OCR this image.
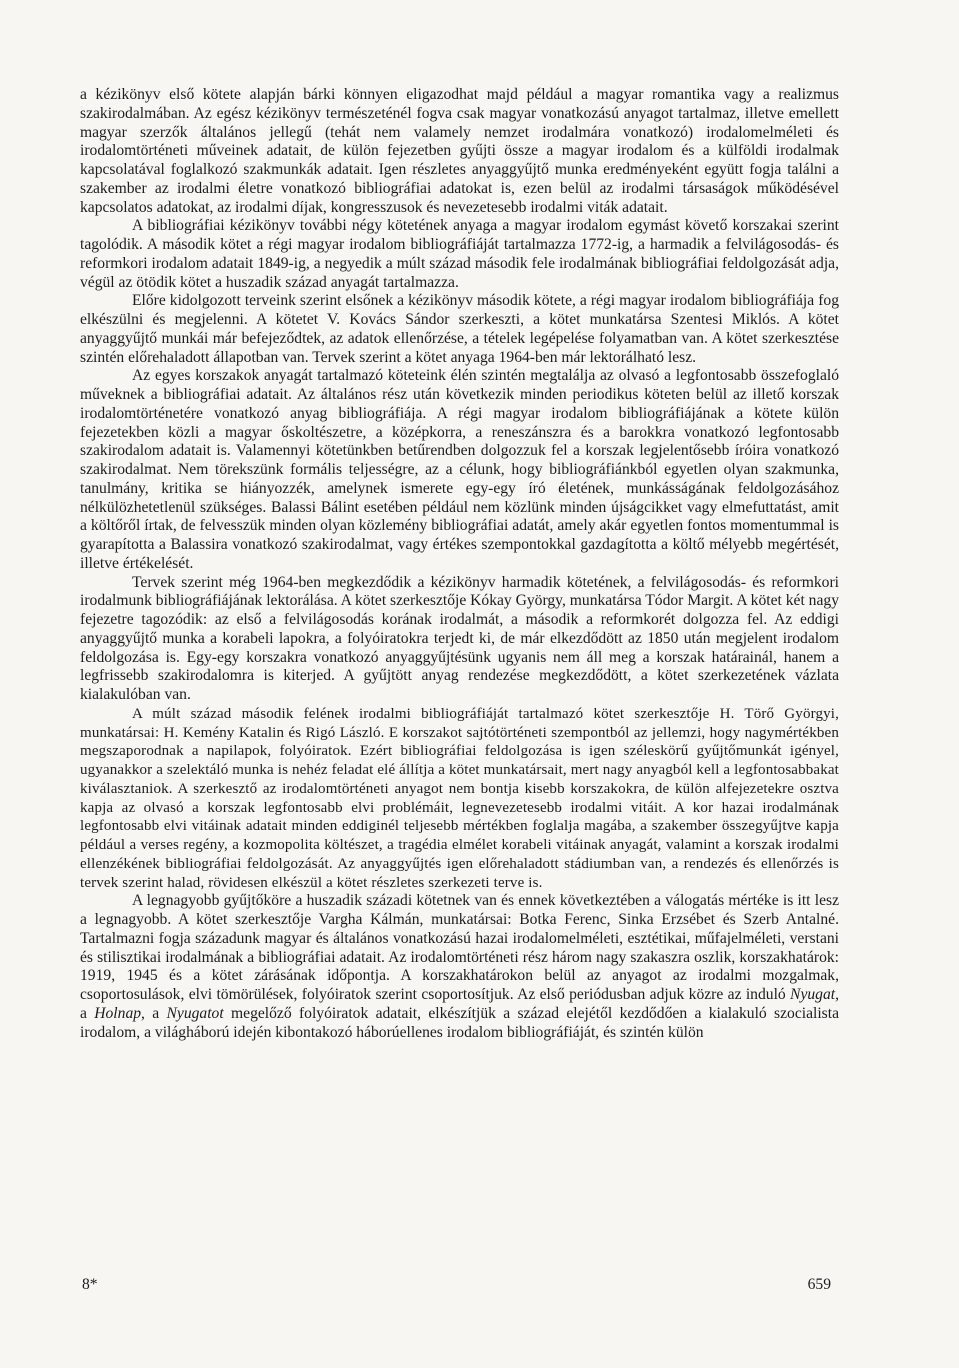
a kézikönyv első kötete alapján bárki könnyen eligazodhat majd például a magyar romantika vagy a realizmus szakirodalmában. Az egész kézikönyv természeténél fogva csak magyar vonatkozású anyagot tartalmaz, illetve emellett magyar szerzők általános jellegű (tehát nem valamely nemzet irodalmára vonatkozó) irodalomelméleti és irodalomtörténeti műveinek adatait, de külön fejezetben gyűjti össze a magyar irodalom és a külföldi irodalmak kapcsolatával foglalkozó szakmunkák adatait. Igen részletes anyaggyűjtő munka eredményeként együtt fogja találni a szakember az irodalmi életre vonatkozó bibliográfiai adatokat is, ezen belül az irodalmi társaságok működésével kapcsolatos adatokat, az irodalmi díjak, kongresszusok és nevezetesebb irodalmi viták adatait.

A bibliográfiai kézikönyv további négy kötetének anyaga a magyar irodalom egymást követő korszakai szerint tagolódik. A második kötet a régi magyar irodalom bibliográfiáját tartalmazza 1772-ig, a harmadik a felvilágosodás- és reformkori irodalom adatait 1849-ig, a negyedik a múlt század második fele irodalmának bibliográfiai feldolgozását adja, végül az ötödik kötet a huszadik század anyagát tartalmazza.

Előre kidolgozott terveink szerint elsőnek a kézikönyv második kötete, a régi magyar irodalom bibliográfiája fog elkészülni és megjelenni. A kötetet V. Kovács Sándor szerkeszti, a kötet munkatársa Szentesi Miklós. A kötet anyaggyűjtő munkái már befejeződtek, az adatok ellenőrzése, a tételek legépelése folyamatban van. A kötet szerkesztése szintén előrehaladott állapotban van. Tervek szerint a kötet anyaga 1964-ben már lektorálható lesz.

Az egyes korszakok anyagát tartalmazó köteteink élén szintén megtalálja az olvasó a legfontosabb összefoglaló műveknek a bibliográfiai adatait. Az általános rész után következik minden periodikus köteten belül az illető korszak irodalomtörténetére vonatkozó anyag bibliográfiája. A régi magyar irodalom bibliográfiájának a kötete külön fejezetekben közli a magyar őskoltészetre, a középkorra, a reneszánszra és a barokkra vonatkozó legfontosabb szakirodalom adatait is. Valamennyi kötetünkben betűrendben dolgozzuk fel a korszak legjelentősebb íróira vonatkozó szakirodalmat. Nem törekszünk formális teljességre, az a célunk, hogy bibliográfiánkból egyetlen olyan szakmunka, tanulmány, kritika se hiányozzék, amelynek ismerete egy-egy író életének, munkásságának feldolgozásához nélkülözhetetlenül szükséges. Balassi Bálint esetében például nem közlünk minden újságcikket vagy elmefuttatást, amit a költőről írtak, de felvesszük minden olyan közlemény bibliográfiai adatát, amely akár egyetlen fontos momentummal is gyarapította a Balassira vonatkozó szakirodalmat, vagy értékes szempontokkal gazdagította a költő mélyebb megértését, illetve értékelését.

Tervek szerint még 1964-ben megkezdődik a kézikönyv harmadik kötetének, a felvilágosodás- és reformkori irodalmunk bibliográfiájának lektorálása. A kötet szerkesztője Kókay György, munkatársa Tódor Margit. A kötet két nagy fejezetre tagozódik: az első a felvilágosodás korának irodalmát, a második a reformkorét dolgozza fel. Az eddigi anyaggyűjtő munka a korabeli lapokra, a folyóiratokra terjedt ki, de már elkezdődött az 1850 után megjelent irodalom feldolgozása is. Egy-egy korszakra vonatkozó anyaggyűjtésünk ugyanis nem áll meg a korszak határainál, hanem a legfrissebb szakirodalomra is kiterjed. A gyűjtött anyag rendezése megkezdődött, a kötet szerkezetének vázlata kialakulóban van.

A múlt század második felének irodalmi bibliográfiáját tartalmazó kötet szerkesztője H. Törő Györgyi, munkatársai: H. Kemény Katalin és Rigó László. E korszakot sajtótörténeti szempontból az jellemzi, hogy nagymértékben megszaporodnak a napilapok, folyóiratok. Ezért bibliográfiai feldolgozása is igen széleskörű gyűjtőmunkát igényel, ugyanakkor a szelektáló munka is nehéz feladat elé állítja a kötet munkatársait, mert nagy anyagból kell a legfontosabbakat kiválasztaniok. A szerkesztő az irodalomtörténeti anyagot nem bontja kisebb korszakokra, de külön alfejezetekre osztva kapja az olvasó a korszak legfontosabb elvi problémáit, legnevezetesebb irodalmi vitáit. A kor hazai irodalmának legfontosabb elvi vitáinak adatait minden eddiginél teljesebb mértékben foglalja magába, a szakember összegyűjtve kapja például a verses regény, a kozmopolita költészet, a tragédia elmélet korabeli vitáinak anyagát, valamint a korszak irodalmi ellenzékének bibliográfiai feldolgozását. Az anyaggyűjtés igen előrehaladott stádiumban van, a rendezés és ellenőrzés is tervek szerint halad, rövidesen elkészül a kötet részletes szerkezeti terve is.

A legnagyobb gyűjtőköre a huszadik századi kötetnek van és ennek következtében a válogatás mértéke is itt lesz a legnagyobb. A kötet szerkesztője Vargha Kálmán, munkatársai: Botka Ferenc, Sinka Erzsébet és Szerb Antalné. Tartalmazni fogja századunk magyar és általános vonatkozású hazai irodalomelméleti, esztétikai, műfajelméleti, verstani és stilisztikai irodalmának a bibliográfiai adatait. Az irodalomtörténeti rész három nagy szakaszra oszlik, korszakhatárok: 1919, 1945 és a kötet zárásának időpontja. A korszakhatárokon belül az anyagot az irodalmi mozgalmak, csoportosulások, elvi tömörülések, folyóiratok szerint csoportosítjuk. Az első periódusban adjuk közre az induló Nyugat, a Holnap, a Nyugatot megelőző folyóiratok adatait, elkészítjük a század elejétől kezdődően a kialakuló szocialista irodalom, a világháború idején kibontakozó háborúellenes irodalom bibliográfiáját, és szintén külön

8*	659
